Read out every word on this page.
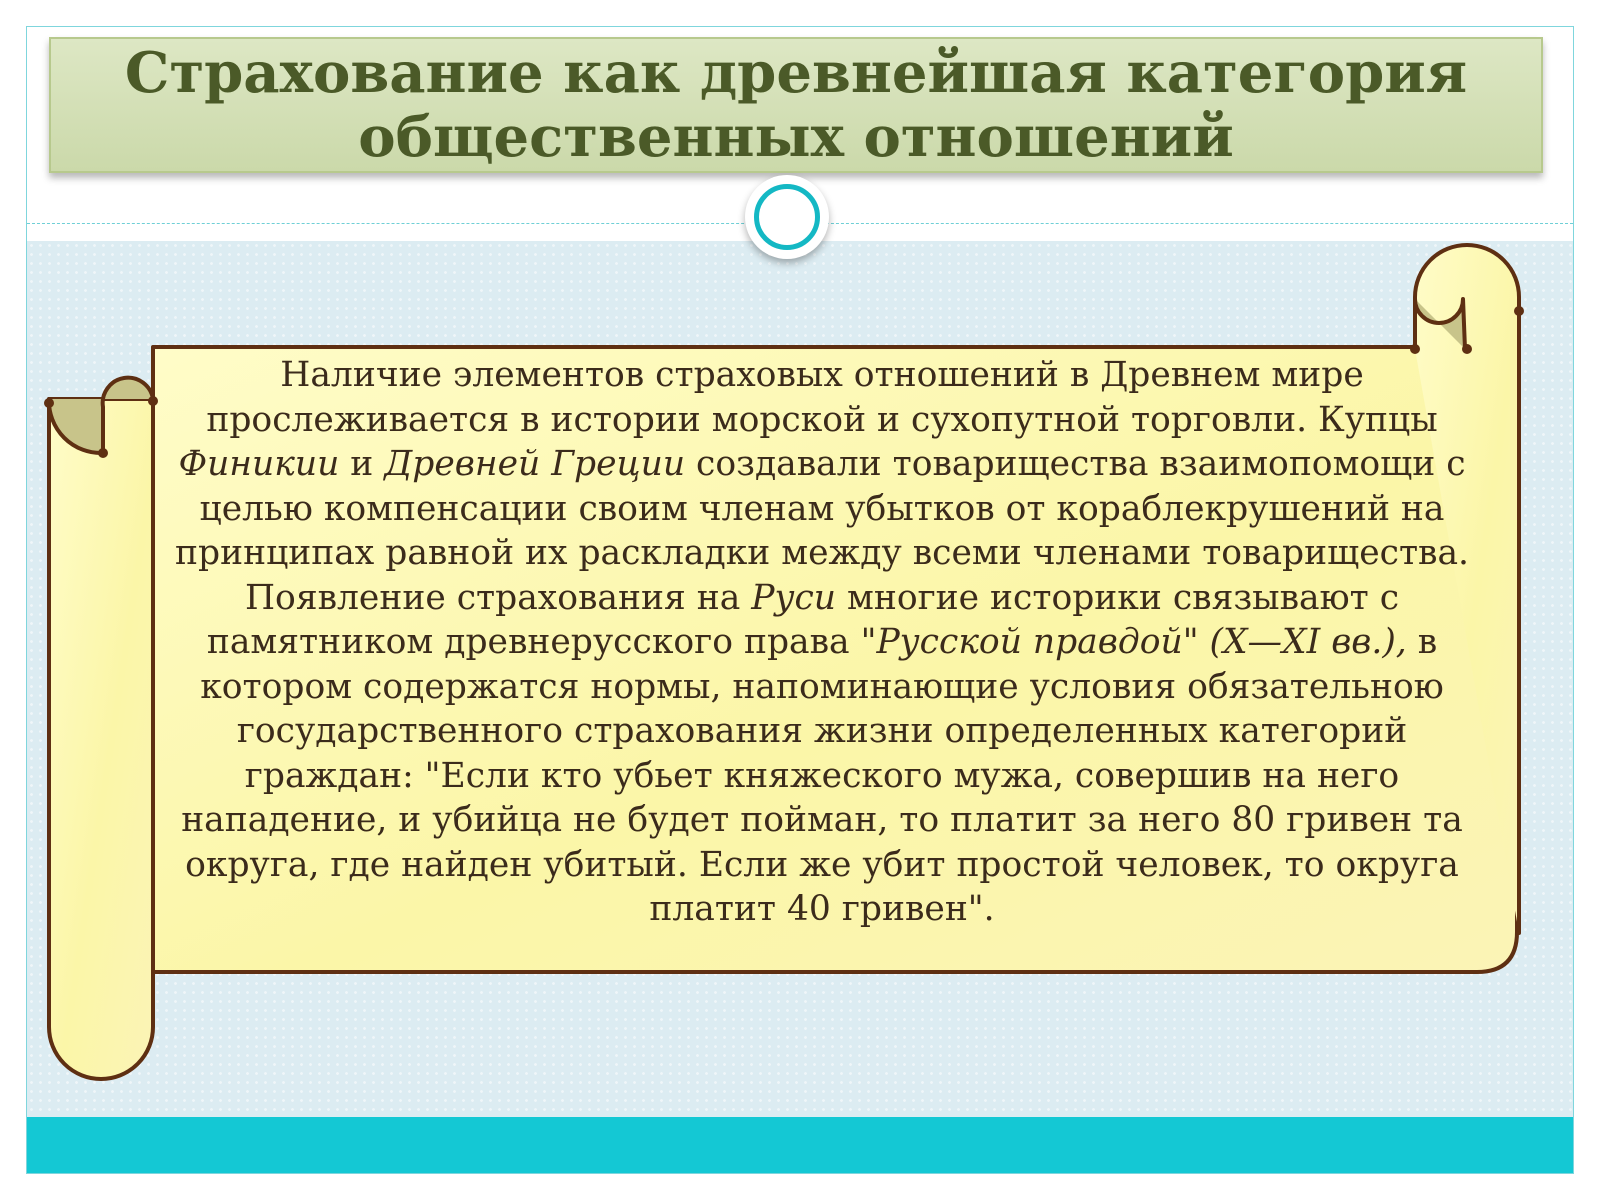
Страхование как древнейшая категория
общественных отношений
Наличие элементов страховых отношений в Древнем мире прослеживается в истории морской и сухопутной торговли. Купцы Финикии и Древней Греции создавали товарищества взаимопомощи с целью компенсации своим членам убытков от кораблекрушений на принципах равной их раскладки между всеми членами товарищества.
Появление страхования на Руси многие историки связывают с памятником древнерусского права "Русской правдой" (X—XI вв.), в котором содержатся нормы, напоминающие условия обязательною государственного страхования жизни определенных категорий граждан: "Если кто убьет княжеского мужа, совершив на него нападение, и убийца не будет пойман, то платит за него 80 гривен та округа, где найден убитый. Если же убит простой человек, то округа платит 40 гривен".
